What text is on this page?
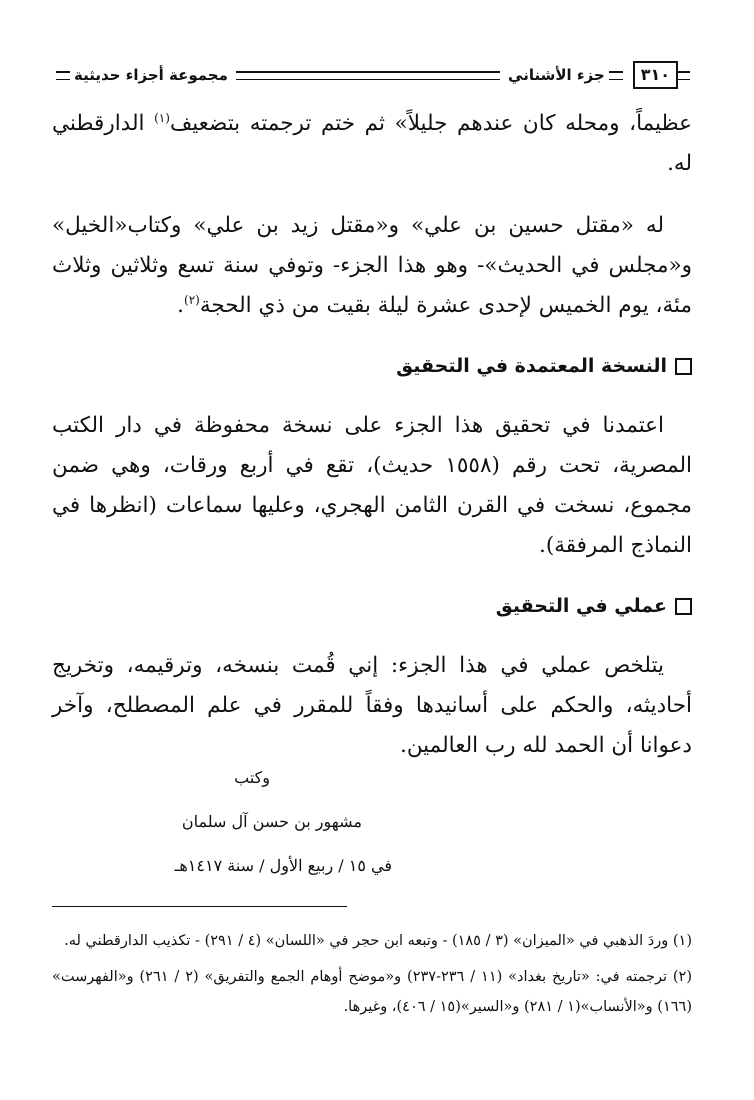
٣١٠
جزء الأشناني
مجموعة أجزاء حديثية

عظيماً، ومحله كان عندهم جليلاً» ثم ختم ترجمته بتضعيف$^{(١)}$ الدارقطني له.

له «مقتل حسين بن علي» و«مقتل زيد بن علي» وكتاب«الخيل» و«مجلس في الحديث»- وهو هذا الجزء- وتوفي سنة تسع وثلاثين وثلاث مئة، يوم الخميس لإحدى عشرة ليلة بقيت من ذي الحجة$^{(٢)}$.

النسخة المعتمدة في التحقيق

اعتمدنا في تحقيق هذا الجزء على نسخة محفوظة في دار الكتب المصرية، تحت رقم (١٥٥٨ حديث)، تقع في أربع ورقات، وهي ضمن مجموع، نسخت في القرن الثامن الهجري، وعليها سماعات (انظرها في النماذج المرفقة).

عملي في التحقيق

يتلخص عملي في هذا الجزء: إني قُمت بنسخه، وترقيمه، وتخريج أحاديثه، والحكم على أسانيدها وفقاً للمقرر في علم المصطلح، وآخر دعوانا أن الحمد لله رب العالمين.

وكتب
مشهور بن حسن آل سلمان
في ١٥ / ربيع الأول / سنة ١٤١٧هـ

(١) وردَ الذهبي في «الميزان» (٣ / ١٨٥) - وتبعه ابن حجر في «اللسان» (٤ / ٢٩١) - تكذيب الدارقطني له.

(٢) ترجمته في: «تاريخ بغداد» (١١ / ٢٣٦-٢٣٧) و«موضح أوهام الجمع والتفريق» (٢ / ٢٦١) و«الفهرست» (١٦٦) و«الأنساب»(١ / ٢٨١) و«السير»(١٥ / ٤٠٦)، وغيرها.
